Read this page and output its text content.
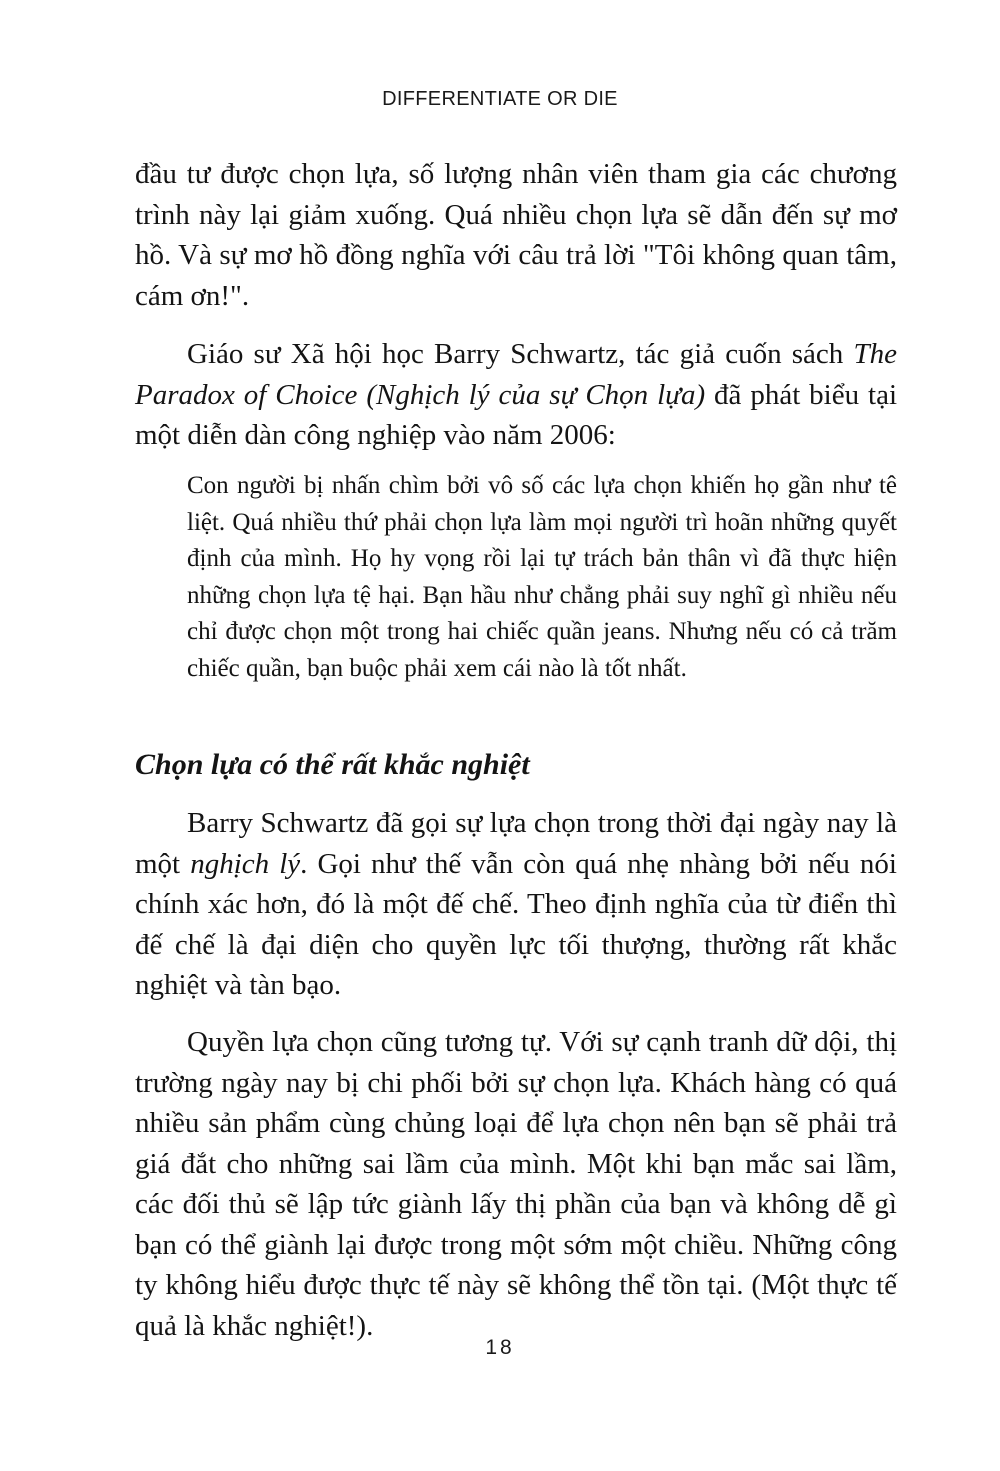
DIFFERENTIATE OR DIE

đầu tư được chọn lựa, số lượng nhân viên tham gia các chương trình này lại giảm xuống. Quá nhiều chọn lựa sẽ dẫn đến sự mơ hồ. Và sự mơ hồ đồng nghĩa với câu trả lời "Tôi không quan tâm, cám ơn!".

Giáo sư Xã hội học Barry Schwartz, tác giả cuốn sách The Paradox of Choice (Nghịch lý của sự Chọn lựa) đã phát biểu tại một diễn dàn công nghiệp vào năm 2006:

Con người bị nhấn chìm bởi vô số các lựa chọn khiến họ gần như tê liệt. Quá nhiều thứ phải chọn lựa làm mọi người trì hoãn những quyết định của mình. Họ hy vọng rồi lại tự trách bản thân vì đã thực hiện những chọn lựa tệ hại. Bạn hầu như chẳng phải suy nghĩ gì nhiều nếu chỉ được chọn một trong hai chiếc quần jeans. Nhưng nếu có cả trăm chiếc quần, bạn buộc phải xem cái nào là tốt nhất.

Chọn lựa có thể rất khắc nghiệt

Barry Schwartz đã gọi sự lựa chọn trong thời đại ngày nay là một nghịch lý. Gọi như thế vẫn còn quá nhẹ nhàng bởi nếu nói chính xác hơn, đó là một đế chế. Theo định nghĩa của từ điển thì đế chế là đại diện cho quyền lực tối thượng, thường rất khắc nghiệt và tàn bạo.

Quyền lựa chọn cũng tương tự. Với sự cạnh tranh dữ dội, thị trường ngày nay bị chi phối bởi sự chọn lựa. Khách hàng có quá nhiều sản phẩm cùng chủng loại để lựa chọn nên bạn sẽ phải trả giá đắt cho những sai lầm của mình. Một khi bạn mắc sai lầm, các đối thủ sẽ lập tức giành lấy thị phần của bạn và không dễ gì bạn có thể giành lại được trong một sớm một chiều. Những công ty không hiểu được thực tế này sẽ không thể tồn tại. (Một thực tế quả là khắc nghiệt!).

18
